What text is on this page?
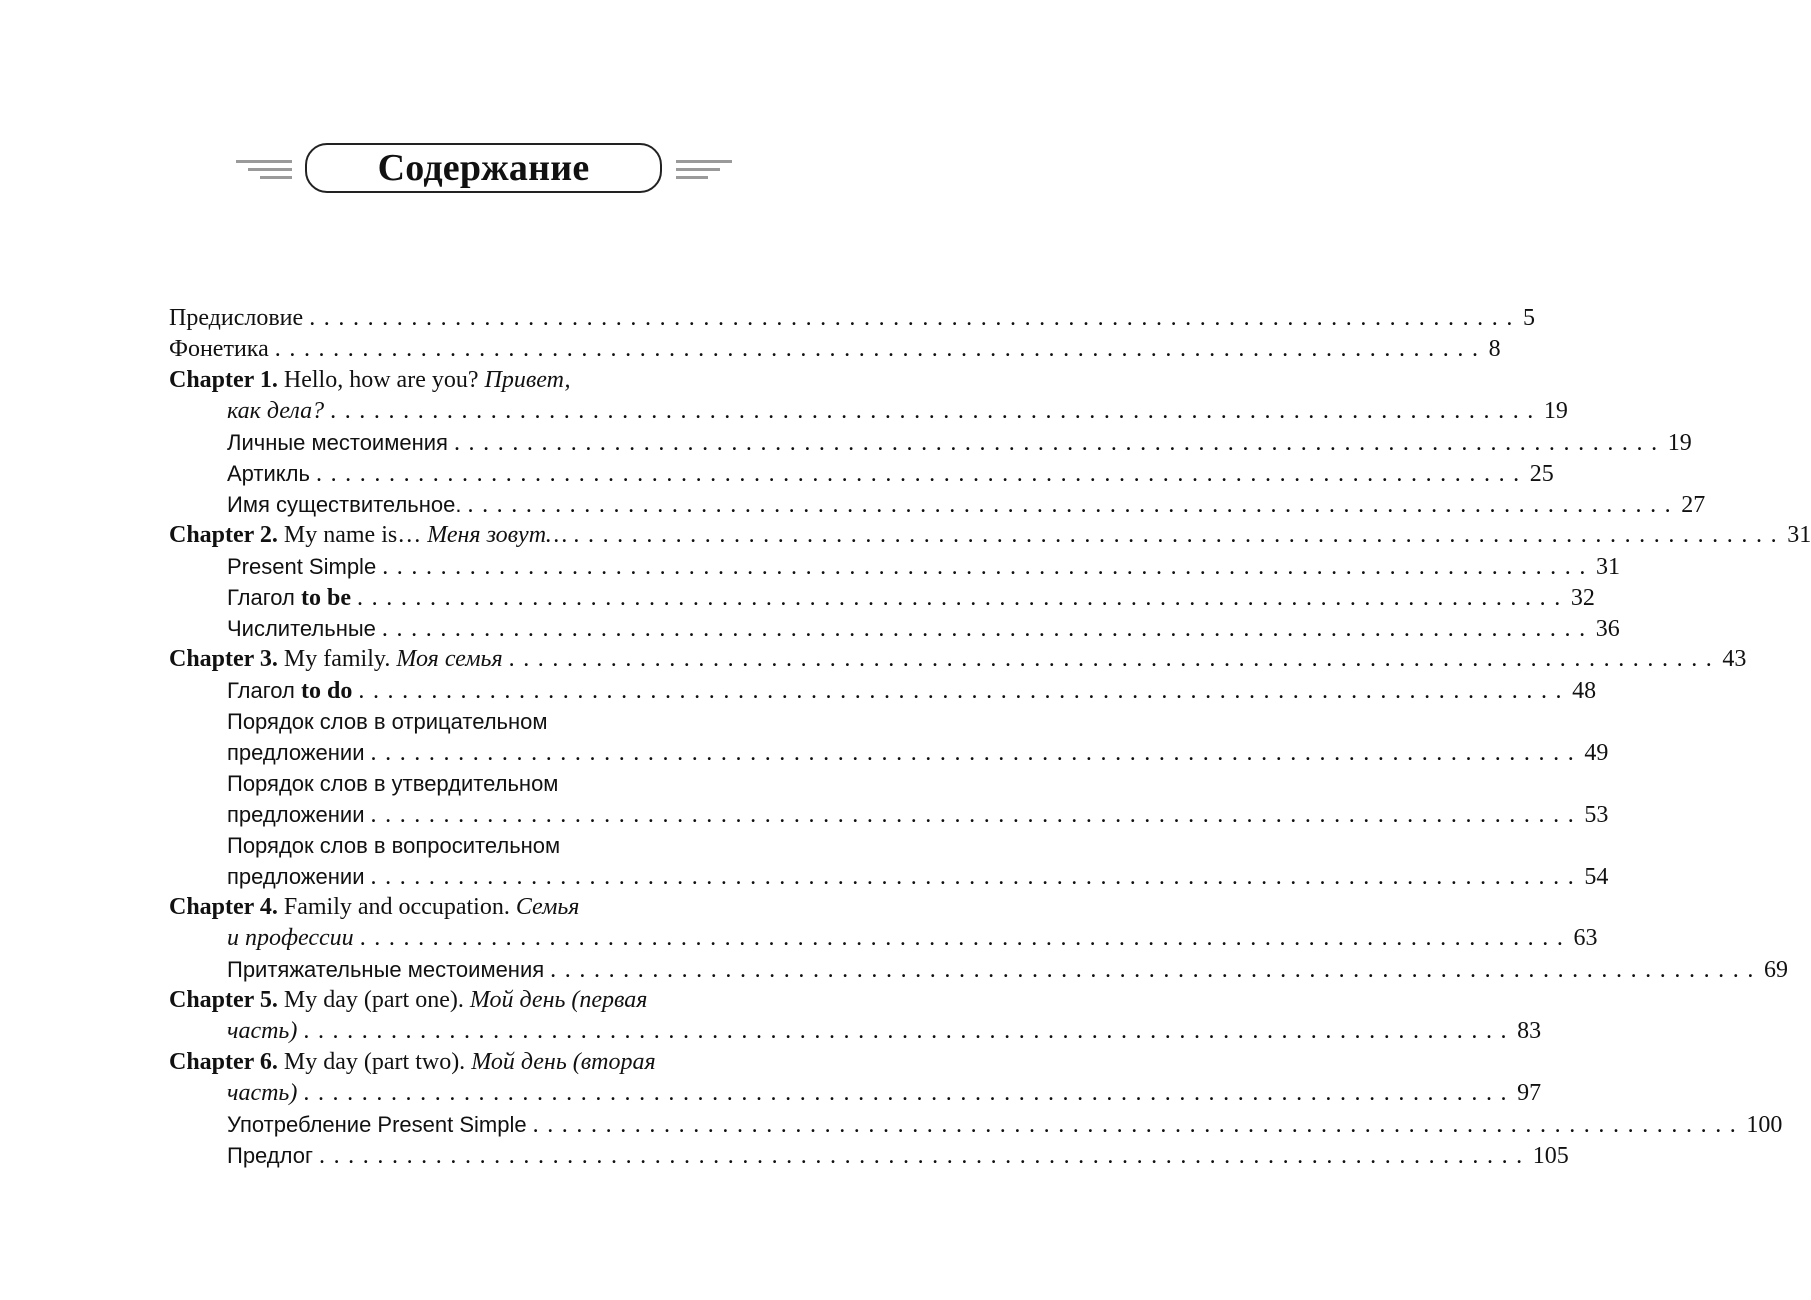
Содержание
Предисловие ................................................................................... 5
Фонетика ................................................................................... 8
Chapter 1. Hello, how are you? Привет,
как дела? ................................................................................... 19
Личные местоимения ................................................................................... 19
Артикль ................................................................................... 25
Имя существительное. ................................................................................... 27
Chapter 2. My name is… Меня зовут… ................................................................................... 31
Present Simple ................................................................................... 31
Глагол to be ................................................................................... 32
Числительные ................................................................................... 36
Chapter 3. My family. Моя семья ................................................................................... 43
Глагол to do ................................................................................... 48
Порядок слов в отрицательном
предложении ................................................................................... 49
Порядок слов в утвердительном
предложении ................................................................................... 53
Порядок слов в вопросительном
предложении ................................................................................... 54
Chapter 4. Family and occupation. Семья
и профессии ................................................................................... 63
Притяжательные местоимения ................................................................................... 69
Chapter 5. My day (part one). Мой день (первая
часть) ................................................................................... 83
Chapter 6. My day (part two). Мой день (вторая
часть) ................................................................................... 97
Употребление Present Simple ................................................................................... 100
Предлог ................................................................................... 105
